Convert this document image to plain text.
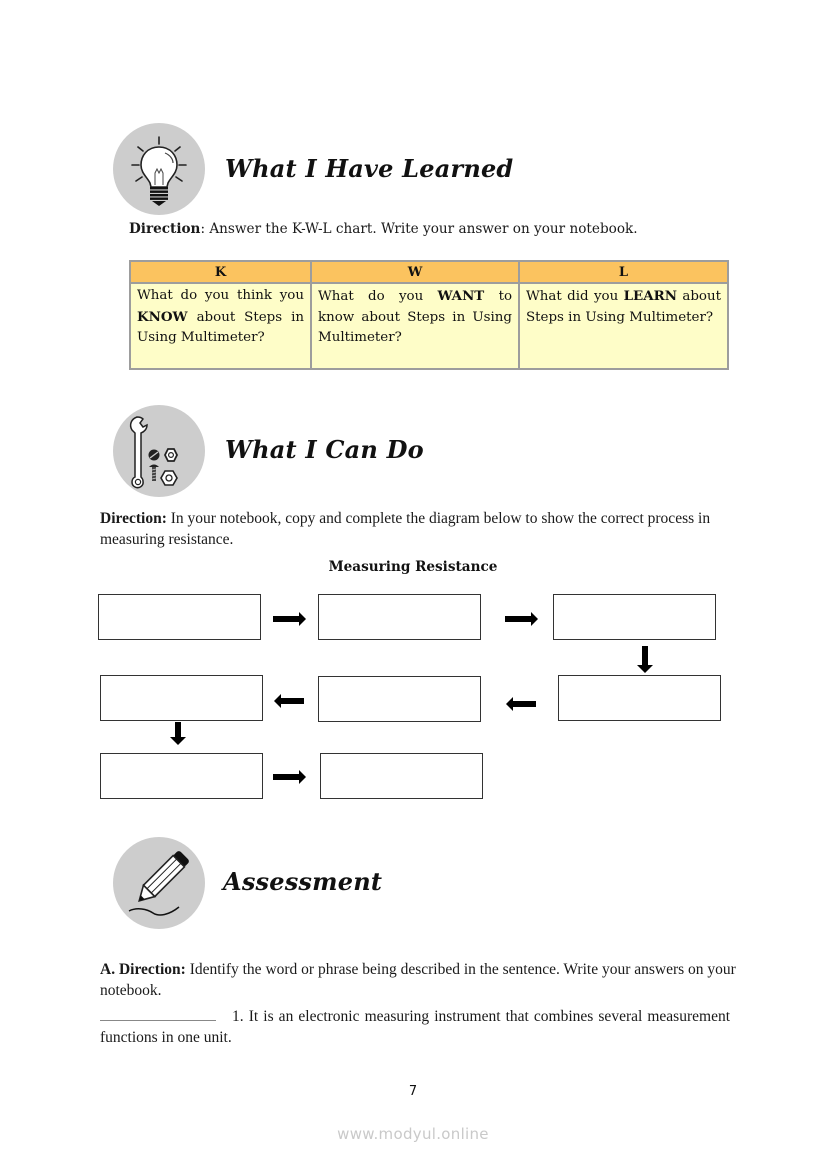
What I Have Learned
Direction: Answer the K-W-L chart. Write your answer on your notebook.
K	W	L
What do you think you KNOW about Steps in Using Multimeter?	What do you WANT to know about Steps in Using Multimeter?	What did you LEARN about Steps in Using Multimeter?
What I Can Do
Direction: In your notebook, copy and complete the diagram below to show the correct process in measuring resistance.
Measuring Resistance
Assessment
A. Direction: Identify the word or phrase being described in the sentence. Write your answers on your notebook.
1. It is an electronic measuring instrument that combines several measurement functions in one unit.
7
www.modyul.online
